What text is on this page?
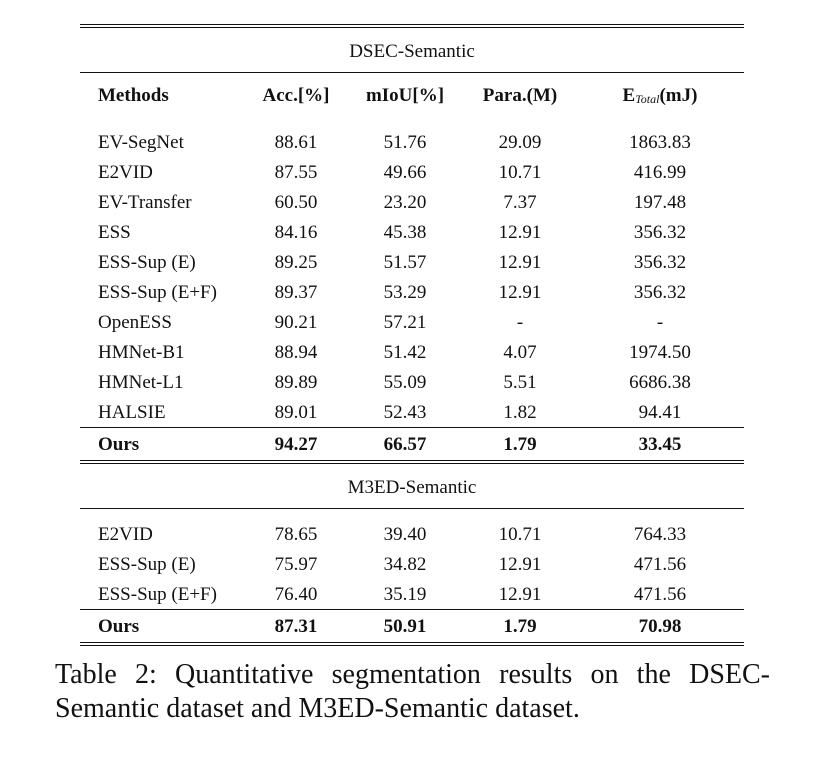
DSEC-Semantic				
Methods	Acc.[%]	mIoU[%]	Para.(M)	ETotal(mJ)
EV-SegNet	88.61	51.76	29.09	1863.83
E2VID	87.55	49.66	10.71	416.99
EV-Transfer	60.50	23.20	7.37	197.48
ESS	84.16	45.38	12.91	356.32
ESS-Sup (E)	89.25	51.57	12.91	356.32
ESS-Sup (E+F)	89.37	53.29	12.91	356.32
OpenESS	90.21	57.21	-	-
HMNet-B1	88.94	51.42	4.07	1974.50
HMNet-L1	89.89	55.09	5.51	6686.38
HALSIE	89.01	52.43	1.82	94.41
Ours	94.27	66.57	1.79	33.45
M3ED-Semantic				
E2VID	78.65	39.40	10.71	764.33
ESS-Sup (E)	75.97	34.82	12.91	471.56
ESS-Sup (E+F)	76.40	35.19	12.91	471.56
Ours	87.31	50.91	1.79	70.98
Table 2: Quantitative segmentation results on the DSEC-Semantic dataset and M3ED-Semantic dataset.
